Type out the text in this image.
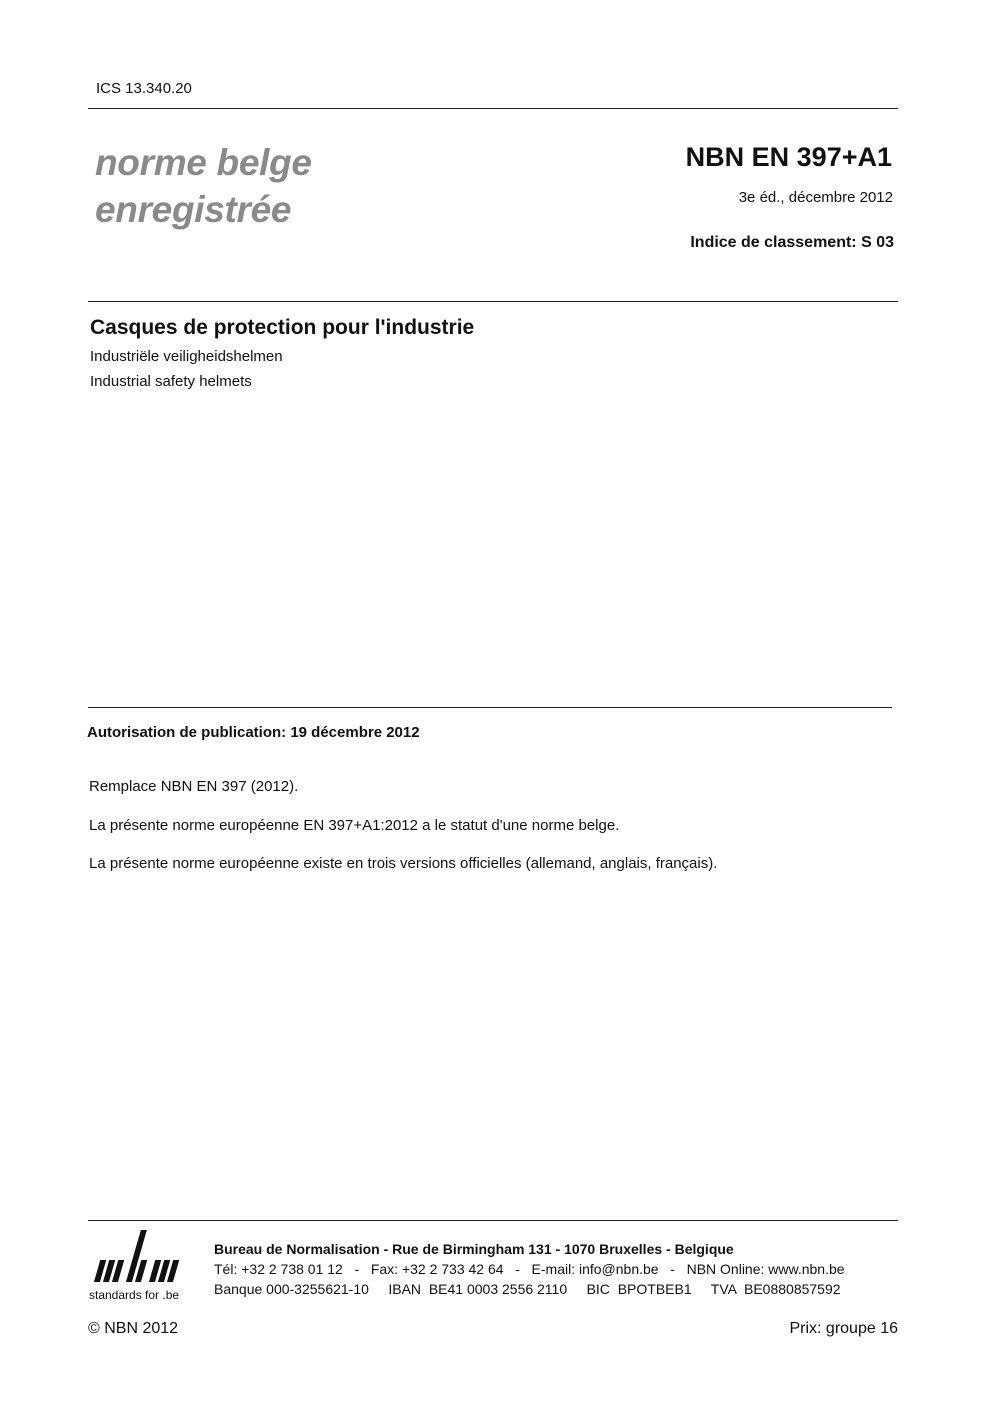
ICS 13.340.20
norme belge
enregistrée
NBN EN 397+A1
3e éd., décembre 2012
Indice de classement: S 03
Casques de protection pour l'industrie
Industriële veiligheidshelmen
Industrial safety helmets
Autorisation de publication: 19 décembre 2012
Remplace NBN EN 397 (2012).
La présente norme européenne EN 397+A1:2012 a le statut d'une norme belge.
La présente norme européenne existe en trois versions officielles (allemand, anglais, français).
standards for .be
Bureau de Normalisation - Rue de Birmingham 131 - 1070 Bruxelles - Belgique
Tél: +32 2 738 01 12   -   Fax: +32 2 733 42 64   -   E-mail: info@nbn.be   -   NBN Online: www.nbn.be
Banque 000-3255621-10     IBAN  BE41 0003 2556 2110     BIC  BPOTBEB1     TVA  BE0880857592
© NBN 2012	Prix: groupe 16
